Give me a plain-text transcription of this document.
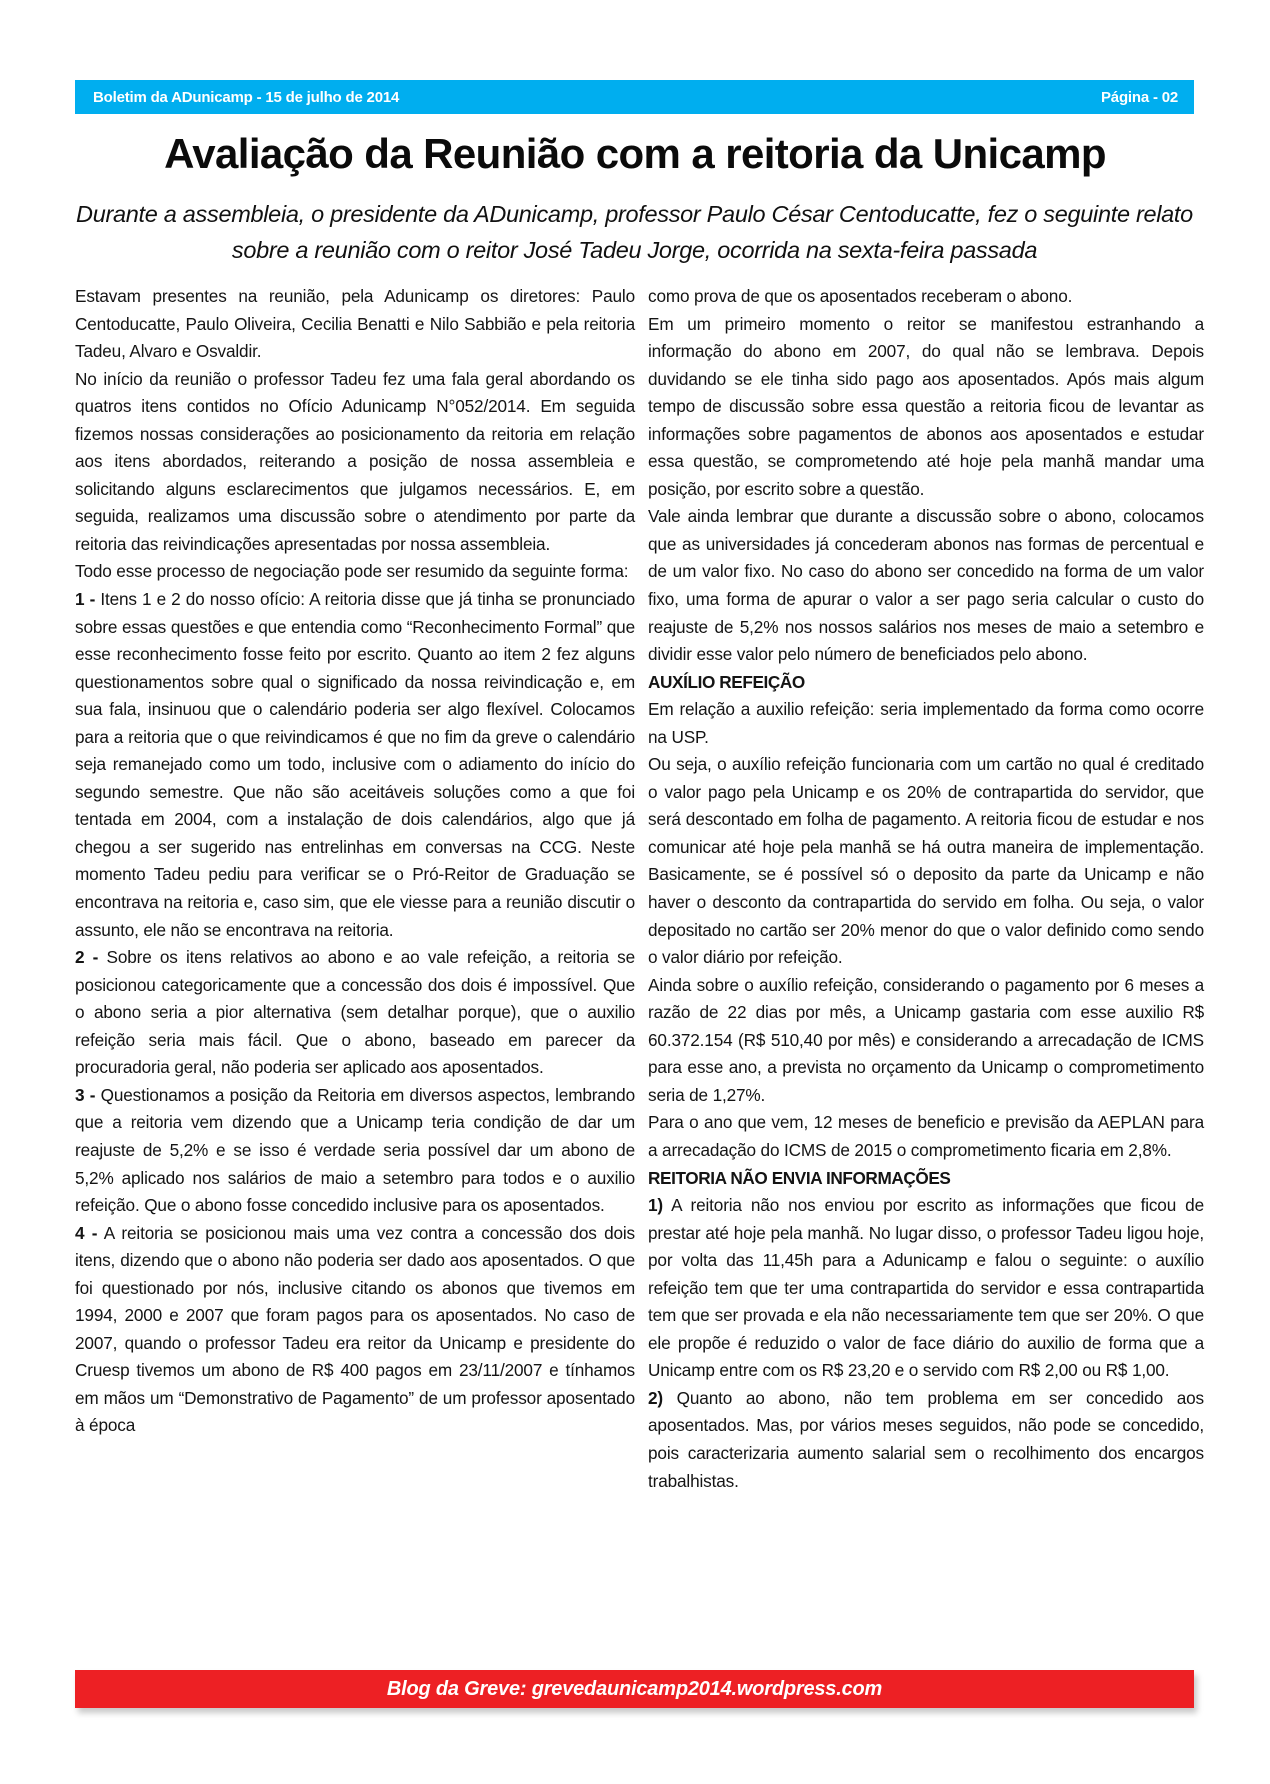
Boletim da ADunicamp - 15 de julho de 2014	Página - 02
Avaliação da Reunião com a reitoria da Unicamp

Durante a assembleia, o presidente da ADunicamp, professor Paulo César Centoducatte, fez o seguinte relato sobre a reunião com o reitor José Tadeu Jorge, ocorrida na sexta-feira passada

Estavam presentes na reunião, pela Adunicamp os diretores: Paulo Centoducatte, Paulo Oliveira, Cecilia Benatti e Nilo Sabbião e pela reitoria Tadeu, Alvaro e Osvaldir.

No início da reunião o professor Tadeu fez uma fala geral abordando os quatros itens contidos no Ofício Adunicamp N°052/2014. Em seguida fizemos nossas considerações ao posicionamento da reitoria em relação aos itens abordados, reiterando a posição de nossa assembleia e solicitando alguns esclarecimentos que julgamos necessários. E, em seguida, realizamos uma discussão sobre o atendimento por parte da reitoria das reivindicações apresentadas por nossa assembleia.

Todo esse processo de negociação pode ser resumido da seguinte forma:

1 - Itens 1 e 2 do nosso ofício: A reitoria disse que já tinha se pronunciado sobre essas questões e que entendia como “Reconhecimento Formal” que esse reconhecimento fosse feito por escrito. Quanto ao item 2 fez alguns questionamentos sobre qual o significado da nossa reivindicação e, em sua fala, insinuou que o calendário poderia ser algo flexível. Colocamos para a reitoria que o que reivindicamos é que no fim da greve o calendário seja remanejado como um todo, inclusive com o adiamento do início do segundo semestre. Que não são aceitáveis soluções como a que foi tentada em 2004, com a instalação de dois calendários, algo que já chegou a ser sugerido nas entrelinhas em conversas na CCG. Neste momento Tadeu pediu para verificar se o Pró-Reitor de Graduação se encontrava na reitoria e, caso sim, que ele viesse para a reunião discutir o assunto, ele não se encontrava na reitoria.

2 - Sobre os itens relativos ao abono e ao vale refeição, a reitoria se posicionou categoricamente que a concessão dos dois é impossível. Que o abono seria a pior alternativa (sem detalhar porque), que o auxilio refeição seria mais fácil. Que o abono, baseado em parecer da procuradoria geral, não poderia ser aplicado aos aposentados.

3 - Questionamos a posição da Reitoria em diversos aspectos, lembrando que a reitoria vem dizendo que a Unicamp teria condição de dar um reajuste de 5,2% e se isso é verdade seria possível dar um abono de 5,2% aplicado nos salários de maio a setembro para todos e o auxilio refeição. Que o abono fosse concedido inclusive para os aposentados.

4 - A reitoria se posicionou mais uma vez contra a concessão dos dois itens, dizendo que o abono não poderia ser dado aos aposentados. O que foi questionado por nós, inclusive citando os abonos que tivemos em 1994, 2000 e 2007 que foram pagos para os aposentados. No caso de 2007, quando o professor Tadeu era reitor da Unicamp e presidente do Cruesp tivemos um abono de R$ 400 pagos em 23/11/2007 e tínhamos em mãos um “Demonstrativo de Pagamento” de um professor aposentado à época

como prova de que os aposentados receberam o abono.

Em um primeiro momento o reitor se manifestou estranhando a informação do abono em 2007, do qual não se lembrava. Depois duvidando se ele tinha sido pago aos aposentados. Após mais algum tempo de discussão sobre essa questão a reitoria ficou de levantar as informações sobre pagamentos de abonos aos aposentados e estudar essa questão, se comprometendo até hoje pela manhã mandar uma posição, por escrito sobre a questão.

Vale ainda lembrar que durante a discussão sobre o abono, colocamos que as universidades já concederam abonos nas formas de percentual e de um valor fixo. No caso do abono ser concedido na forma de um valor fixo, uma forma de apurar o valor a ser pago seria calcular o custo do reajuste de 5,2% nos nossos salários nos meses de maio a setembro e dividir esse valor pelo número de beneficiados pelo abono.

AUXÍLIO REFEIÇÃO

Em relação a auxilio refeição: seria implementado da forma como ocorre na USP.

Ou seja, o auxílio refeição funcionaria com um cartão no qual é creditado o valor pago pela Unicamp e os 20% de contrapartida do servidor, que será descontado em folha de pagamento. A reitoria ficou de estudar e nos comunicar até hoje pela manhã se há outra maneira de implementação. Basicamente, se é possível só o deposito da parte da Unicamp e não haver o desconto da contrapartida do servido em folha. Ou seja, o valor depositado no cartão ser 20% menor do que o valor definido como sendo o valor diário por refeição.

Ainda sobre o auxílio refeição, considerando o pagamento por 6 meses a razão de 22 dias por mês, a Unicamp gastaria com esse auxilio R$ 60.372.154 (R$ 510,40 por mês) e considerando a arrecadação de ICMS para esse ano, a prevista no orçamento da Unicamp o comprometimento seria de 1,27%.

Para o ano que vem, 12 meses de beneficio e previsão da AEPLAN para a arrecadação do ICMS de 2015 o comprometimento ficaria em 2,8%.

REITORIA NÃO ENVIA INFORMAÇÕES

1) A reitoria não nos enviou por escrito as informações que ficou de prestar até hoje pela manhã. No lugar disso, o professor Tadeu ligou hoje, por volta das 11,45h para a Adunicamp e falou o seguinte: o auxílio refeição tem que ter uma contrapartida do servidor e essa contrapartida tem que ser provada e ela não necessariamente tem que ser 20%. O que ele propõe é reduzido o valor de face diário do auxilio de forma que a Unicamp entre com os R$ 23,20 e o servido com R$ 2,00 ou R$ 1,00.

2) Quanto ao abono, não tem problema em ser concedido aos aposentados. Mas, por vários meses seguidos, não pode se concedido, pois caracterizaria aumento salarial sem o recolhimento dos encargos trabalhistas.

Blog da Greve: grevedaunicamp2014.wordpress.com
